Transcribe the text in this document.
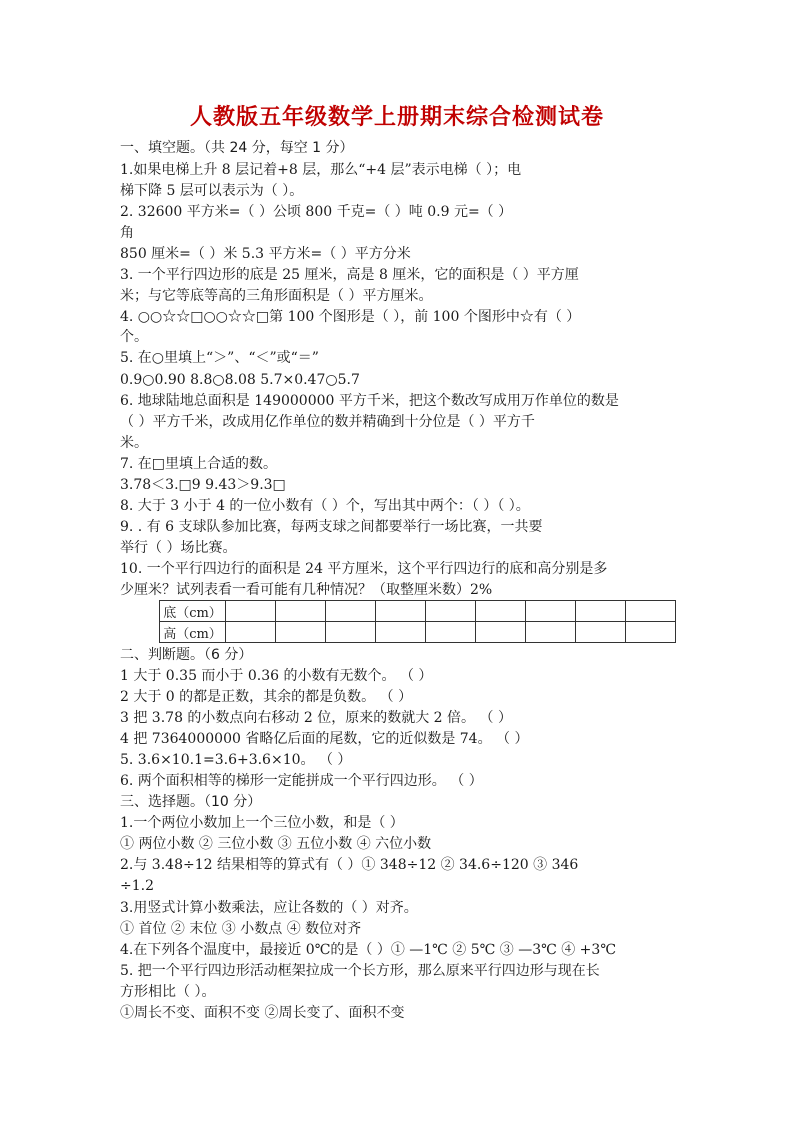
人教版五年级数学上册期末综合检测试卷
一、填空题。（共 24 分，每空 1 分）
1.如果电梯上升 8 层记着+8 层，那么“+4 层”表示电梯（ ）；电
梯下降 5 层可以表示为（ ）。
2. 32600 平方米=（ ）公顷 800 千克=（ ）吨 0.9 元=（ ）
角
850 厘米=（ ）米 5.3 平方米=（ ）平方分米
3. 一个平行四边形的底是 25 厘米，高是 8 厘米，它的面积是（ ）平方厘
米；与它等底等高的三角形面积是（ ）平方厘米。
4. ○○☆☆□○○☆☆□第 100 个图形是（ ），前 100 个图形中☆有（ ）
个。
5. 在○里填上“＞”、“＜”或“＝”
0.9○0.90 8.8○8.08 5.7×0.47○5.7
6. 地球陆地总面积是 149000000 平方千米，把这个数改写成用万作单位的数是
（ ）平方千米，改成用亿作单位的数并精确到十分位是（ ）平方千
米。
7. 在□里填上合适的数。
3.78＜3.□9 9.43＞9.3□
8. 大于 3 小于 4 的一位小数有（ ）个，写出其中两个：（ ）（ ）。
9. . 有 6 支球队参加比赛，每两支球之间都要举行一场比赛，一共要
举行（ ）场比赛。
10. 一个平行四边行的面积是 24 平方厘米，这个平行四边行的底和高分别是多
少厘米？试列表看一看可能有几种情况？（取整厘米数）2%
底（cm）									
高（cm）									
二、判断题。（6 分）
1 大于 0.35 而小于 0.36 的小数有无数个。 （ ）
2 大于 0 的都是正数，其余的都是负数。 （ ）
3 把 3.78 的小数点向右移动 2 位，原来的数就大 2 倍。 （ ）
4 把 7364000000 省略亿后面的尾数，它的近似数是 74。 （ ）
5. 3.6×10.1=3.6+3.6×10。 （ ）
6. 两个面积相等的梯形一定能拼成一个平行四边形。 （ ）
三、选择题。（10 分）
1.一个两位小数加上一个三位小数，和是（ ）
① 两位小数 ② 三位小数 ③ 五位小数 ④ 六位小数
2.与 3.48÷12 结果相等的算式有（ ）① 348÷12 ② 34.6÷120 ③ 346
÷1.2
3.用竖式计算小数乘法，应让各数的（ ）对齐。
① 首位 ② 末位 ③ 小数点 ④ 数位对齐
4.在下列各个温度中，最接近 0℃的是（ ）① —1℃ ② 5℃ ③ —3℃ ④ +3℃
5. 把一个平行四边形活动框架拉成一个长方形，那么原来平行四边形与现在长
方形相比（ ）。
①周长不变、面积不变 ②周长变了、面积不变
